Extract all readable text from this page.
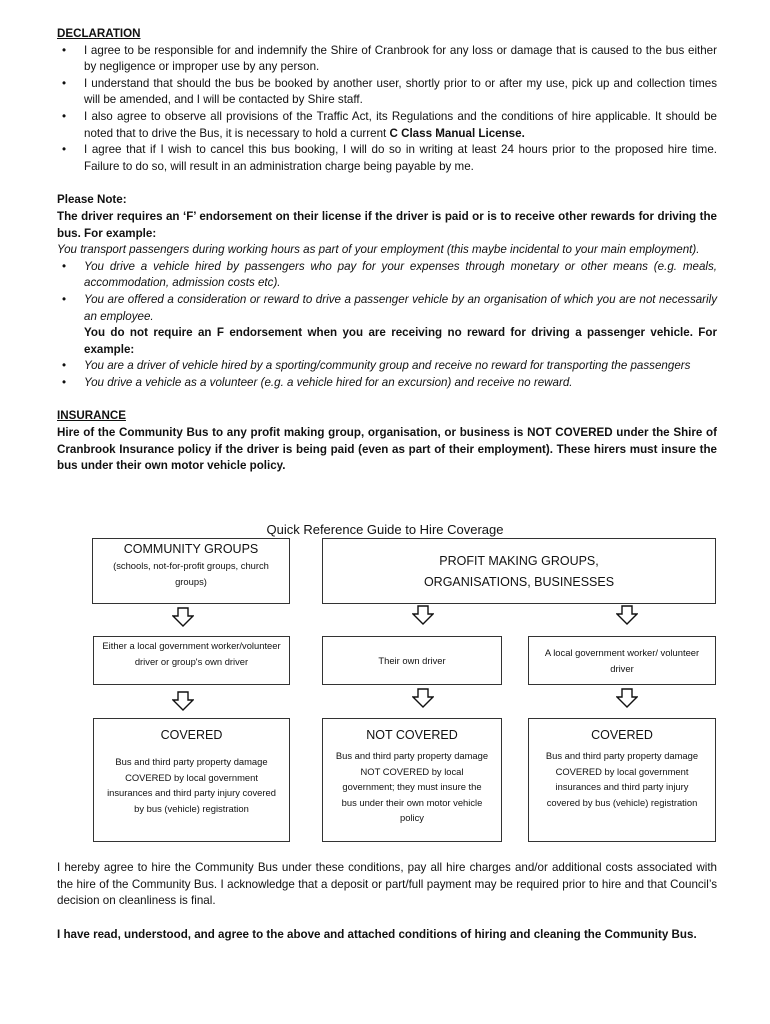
DECLARATION
• I agree to be responsible for and indemnify the Shire of Cranbrook for any loss or damage that is caused to the bus either by negligence or improper use by any person.
• I understand that should the bus be booked by another user, shortly prior to or after my use, pick up and collection times will be amended, and I will be contacted by Shire staff.
• I also agree to observe all provisions of the Traffic Act, its Regulations and the conditions of hire applicable. It should be noted that to drive the Bus, it is necessary to hold a current C Class Manual License.
• I agree that if I wish to cancel this bus booking, I will do so in writing at least 24 hours prior to the proposed hire time. Failure to do so, will result in an administration charge being payable by me.
Please Note:

The driver requires an ‘F’ endorsement on their license if the driver is paid or is to receive other rewards for driving the bus. For example:

You transport passengers during working hours as part of your employment (this maybe incidental to your main employment).

• You drive a vehicle hired by passengers who pay for your expenses through monetary or other means (e.g. meals, accommodation, admission costs etc).
• You are offered a consideration or reward to drive a passenger vehicle by an organisation of which you are not necessarily an employee.

You do not require an F endorsement when you are receiving no reward for driving a passenger vehicle. For example:

• You are a driver of vehicle hired by a sporting/community group and receive no reward for transporting the passengers
• You drive a vehicle as a volunteer (e.g. a vehicle hired for an excursion) and receive no reward.
INSURANCE

Hire of the Community Bus to any profit making group, organisation, or business is NOT COVERED under the Shire of Cranbrook Insurance policy if the driver is being paid (even as part of their employment). These hirers must insure the bus under their own motor vehicle policy.

Quick Reference Guide to Hire Coverage
COMMUNITY GROUPS
(schools, not-for-profit groups, church groups)
PROFIT MAKING GROUPS, ORGANISATIONS, BUSINESSES
Either a local government worker/volunteer driver or group's own driver	Their own driver
A local government worker/ volunteer driver
COVERED
Bus and third party property damage COVERED by local government insurances and third party injury covered by bus (vehicle) registration
NOT COVERED
Bus and third party property damage NOT COVERED by local government; they must insure the bus under their own motor vehicle policy
COVERED
Bus and third party property damage COVERED by local government insurances and third party injury covered by bus (vehicle) registration

I hereby agree to hire the Community Bus under these conditions, pay all hire charges and/or additional costs associated with the hire of the Community Bus. I acknowledge that a deposit or part/full payment may be required prior to hire and that Council’s decision on cleanliness is final.

I have read, understood, and agree to the above and attached conditions of hiring and cleaning the Community Bus.
